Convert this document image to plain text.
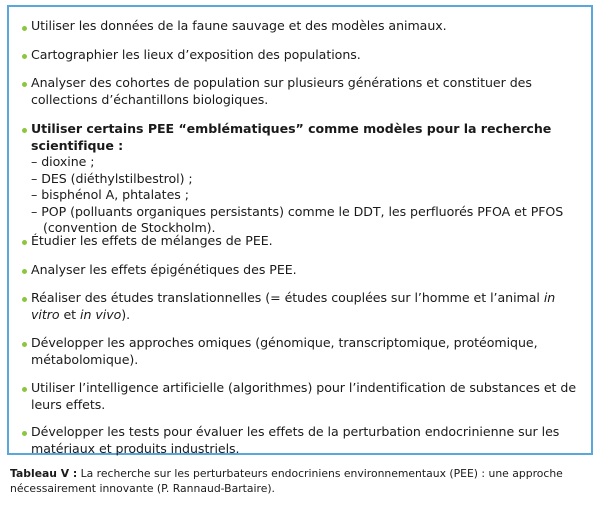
Utiliser les données de la faune sauvage et des modèles animaux.
Cartographier les lieux d’exposition des populations.
Analyser des cohortes de population sur plusieurs générations et constituer des collections d’échantillons biologiques.
Utiliser certains PEE “emblématiques” comme modèles pour la recherche scientifique :
– dioxine ;
– DES (diéthylstilbestrol) ;
– bisphénol A, phtalates ;
– POP (polluants organiques persistants) comme le DDT, les perfluorés PFOA et PFOS
(convention de Stockholm).
Étudier les effets de mélanges de PEE.
Analyser les effets épigénétiques des PEE.
Réaliser des études translationnelles (= études couplées sur l’homme et l’animal in vitro et in vivo).
Développer les approches omiques (génomique, transcriptomique, protéomique, métabolomique).
Utiliser l’intelligence artificielle (algorithmes) pour l’indentification de substances et de leurs effets.
Développer les tests pour évaluer les effets de la perturbation endocrinienne sur les matériaux et produits industriels.
Tableau V : La recherche sur les perturbateurs endocriniens environnementaux (PEE) : une approche nécessairement innovante (P. Rannaud-Bartaire).
